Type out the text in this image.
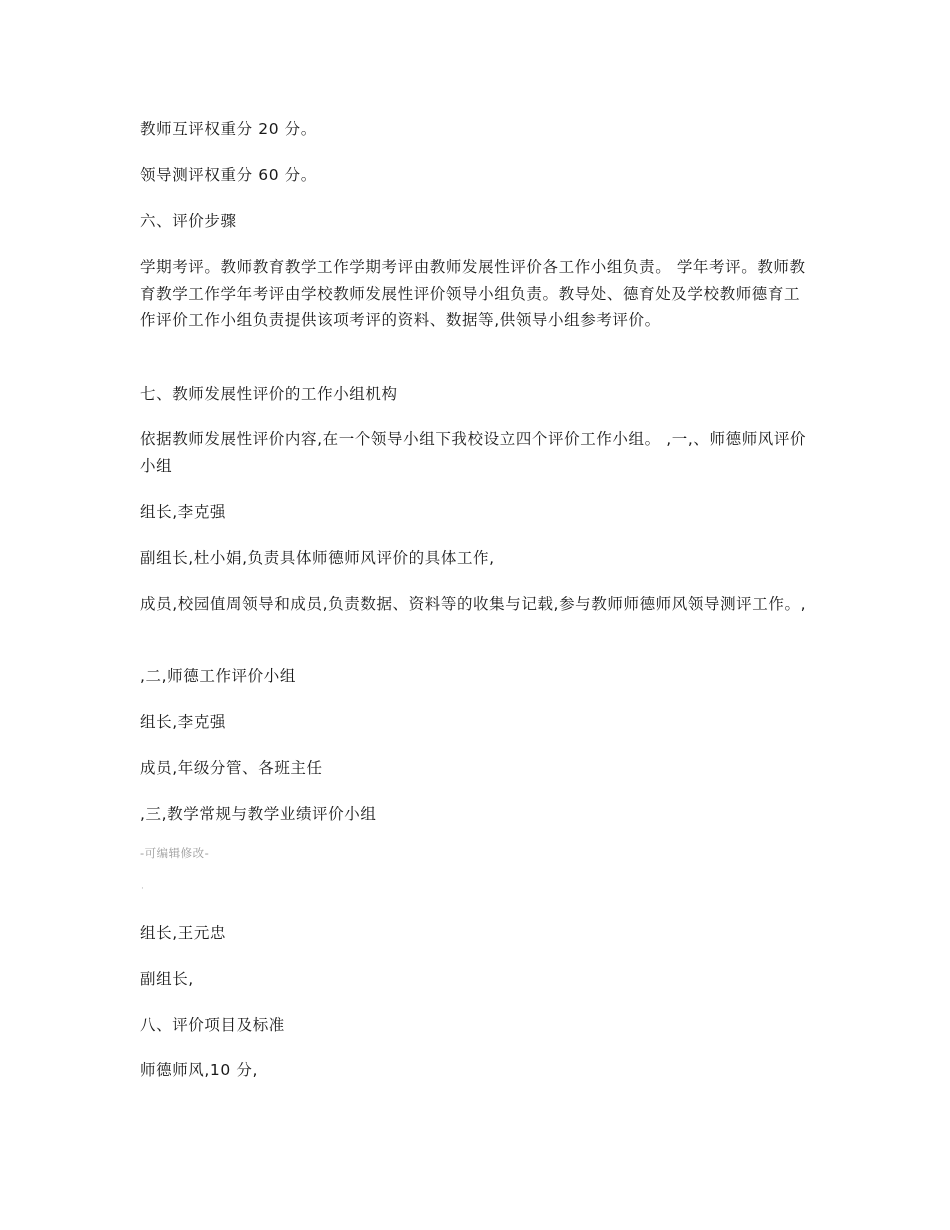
教师互评权重分 20 分。

领导测评权重分 60 分。

六、评价步骤

学期考评。教师教育教学工作学期考评由教师发展性评价各工作小组负责。 学年考评。教师教育教学工作学年考评由学校教师发展性评价领导小组负责。教导处、德育处及学校教师德育工作评价工作小组负责提供该项考评的资料、数据等,供领导小组参考评价。

七、教师发展性评价的工作小组机构

依据教师发展性评价内容,在一个领导小组下我校设立四个评价工作小组。 ,一,、师德师风评价小组

组长,李克强

副组长,杜小娟,负责具体师德师风评价的具体工作,

成员,校园值周领导和成员,负责数据、资料等的收集与记载,参与教师师德师风领导测评工作。,

,二,师德工作评价小组

组长,李克强

成员,年级分管、各班主任

,三,教学常规与教学业绩评价小组

-可编辑修改-
·

组长,王元忠

副组长,

八、评价项目及标准

师德师风,10 分,
